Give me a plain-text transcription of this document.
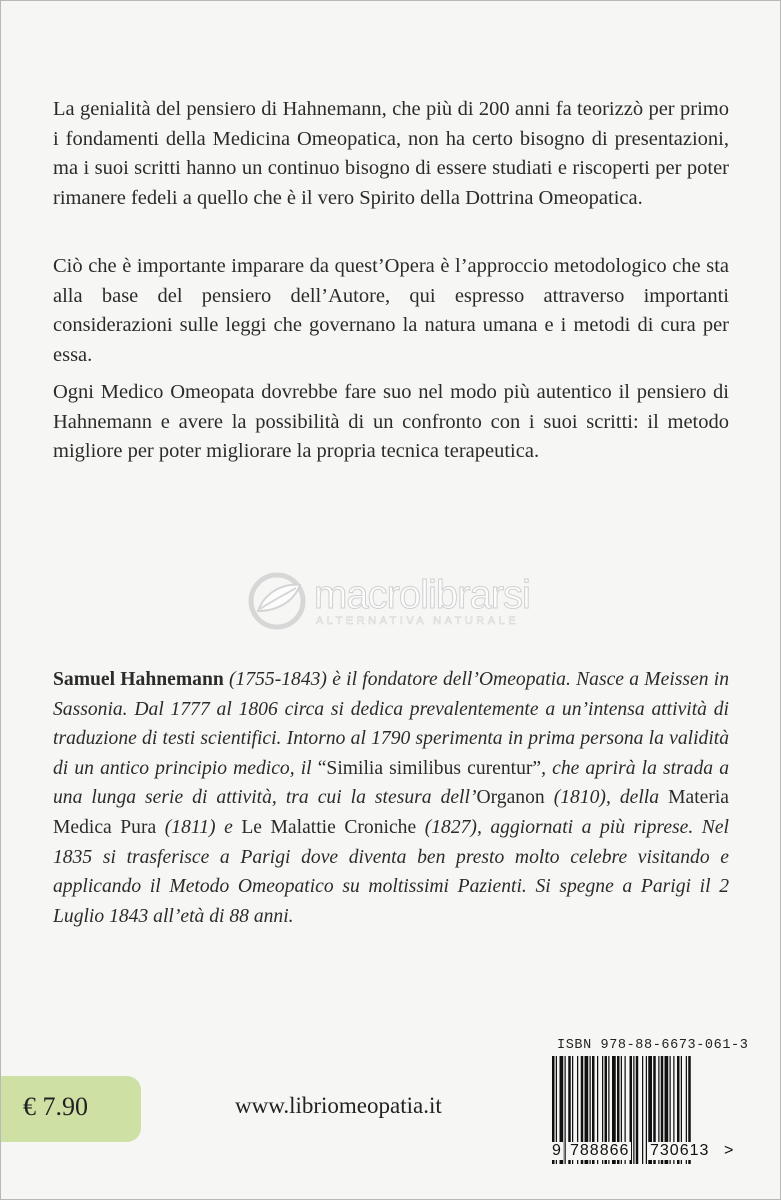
La genialità del pensiero di Hahnemann, che più di 200 anni fa teorizzò per primo i fondamenti della Medicina Omeopatica, non ha certo bisogno di presentazioni, ma i suoi scritti hanno un continuo bisogno di essere studiati e riscoperti per poter rimanere fedeli a quello che è il vero Spirito della Dottrina Omeopatica.

Ciò che è importante imparare da quest’Opera è l’approccio metodologico che sta alla base del pensiero dell’Autore, qui espresso attraverso importanti considerazioni sulle leggi che governano la natura umana e i metodi di cura per essa.

Ogni Medico Omeopata dovrebbe fare suo nel modo più autentico il pensiero di Hahnemann e avere la possibilità di un confronto con i suoi scritti: il metodo migliore per poter migliorare la propria tecnica terapeutica.

macrolibrarsi
ALTERNATIVA NATURALE

Samuel Hahnemann (1755-1843) è il fondatore dell’Omeopatia. Nasce a Meissen in Sassonia. Dal 1777 al 1806 circa si dedica prevalentemente a un’intensa attività di traduzione di testi scientifici. Intorno al 1790 sperimenta in prima persona la validità di un antico principio medico, il “Similia similibus curentur”, che aprirà la strada a una lunga serie di attività, tra cui la stesura dell’Organon (1810), della Materia Medica Pura (1811) e Le Malattie Croniche (1827), aggiornati a più riprese. Nel 1835 si trasferisce a Parigi dove diventa ben presto molto celebre visitando e applicando il Metodo Omeopatico su moltissimi Pazienti. Si spegne a Parigi il 2 Luglio 1843 all’età di 88 anni.

ISBN 978-88-6673-061-3
9 788866 730613 >
€ 7.90	www.libriomeopatia.it
